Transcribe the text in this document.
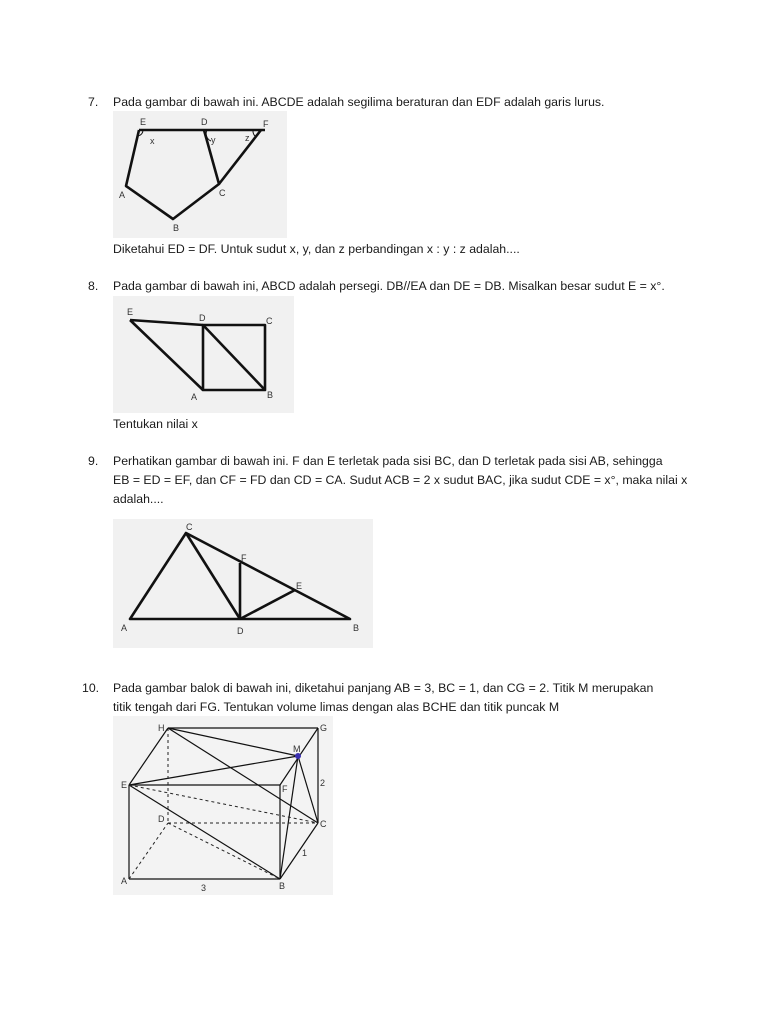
7. Pada gambar di bawah ini. ABCDE adalah segilima beraturan dan EDF adalah garis lurus.
E	D	F
A
B
C
x	y	z
Diketahui ED = DF. Untuk sudut x, y, dan z perbandingan x : y : z adalah....
8. Pada gambar di bawah ini, ABCD adalah persegi. DB//EA dan DE = DB. Misalkan besar sudut E = x°.
E
D	C
A	B
Tentukan nilai x
9. Perhatikan gambar di bawah ini. F dan E terletak pada sisi BC, dan D terletak pada sisi AB, sehingga
EB = ED = EF, dan CF = FD dan CD = CA. Sudut ACB = 2 x sudut BAC, jika sudut CDE = x°, maka nilai x
adalah....
C
F
E
A	D	B
10. Pada gambar balok di bawah ini, diketahui panjang AB = 3, BC = 1, dan CG = 2. Titik M merupakan
titik tengah dari FG. Tentukan volume limas dengan alas BCHE dan titik puncak M
H	G
M
E	F
D	C
A	B
3
2
1
